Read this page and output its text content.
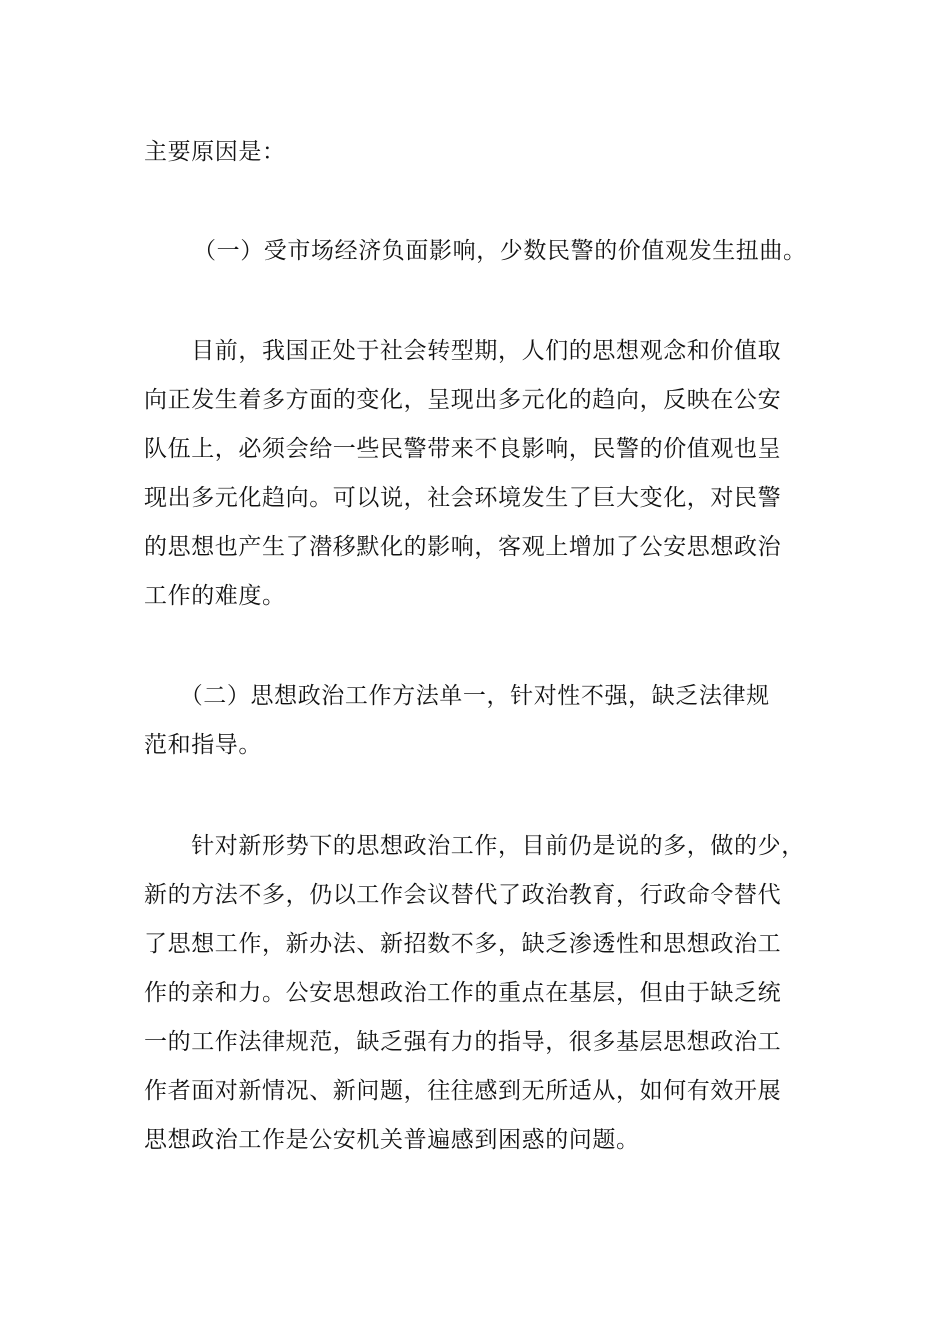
主要原因是：

（一）受市场经济负面影响，少数民警的价值观发生扭曲。

　　目前，我国正处于社会转型期，人们的思想观念和价值取
向正发生着多方面的变化，呈现出多元化的趋向，反映在公安
队伍上，必须会给一些民警带来不良影响，民警的价值观也呈
现出多元化趋向。可以说，社会环境发生了巨大变化，对民警
的思想也产生了潜移默化的影响，客观上增加了公安思想政治
工作的难度。

　　（二）思想政治工作方法单一，针对性不强，缺乏法律规
范和指导。

　　针对新形势下的思想政治工作，目前仍是说的多，做的少，
新的方法不多，仍以工作会议替代了政治教育，行政命令替代
了思想工作，新办法、新招数不多，缺乏渗透性和思想政治工
作的亲和力。公安思想政治工作的重点在基层，但由于缺乏统
一的工作法律规范，缺乏强有力的指导，很多基层思想政治工
作者面对新情况、新问题，往往感到无所适从，如何有效开展
思想政治工作是公安机关普遍感到困惑的问题。
